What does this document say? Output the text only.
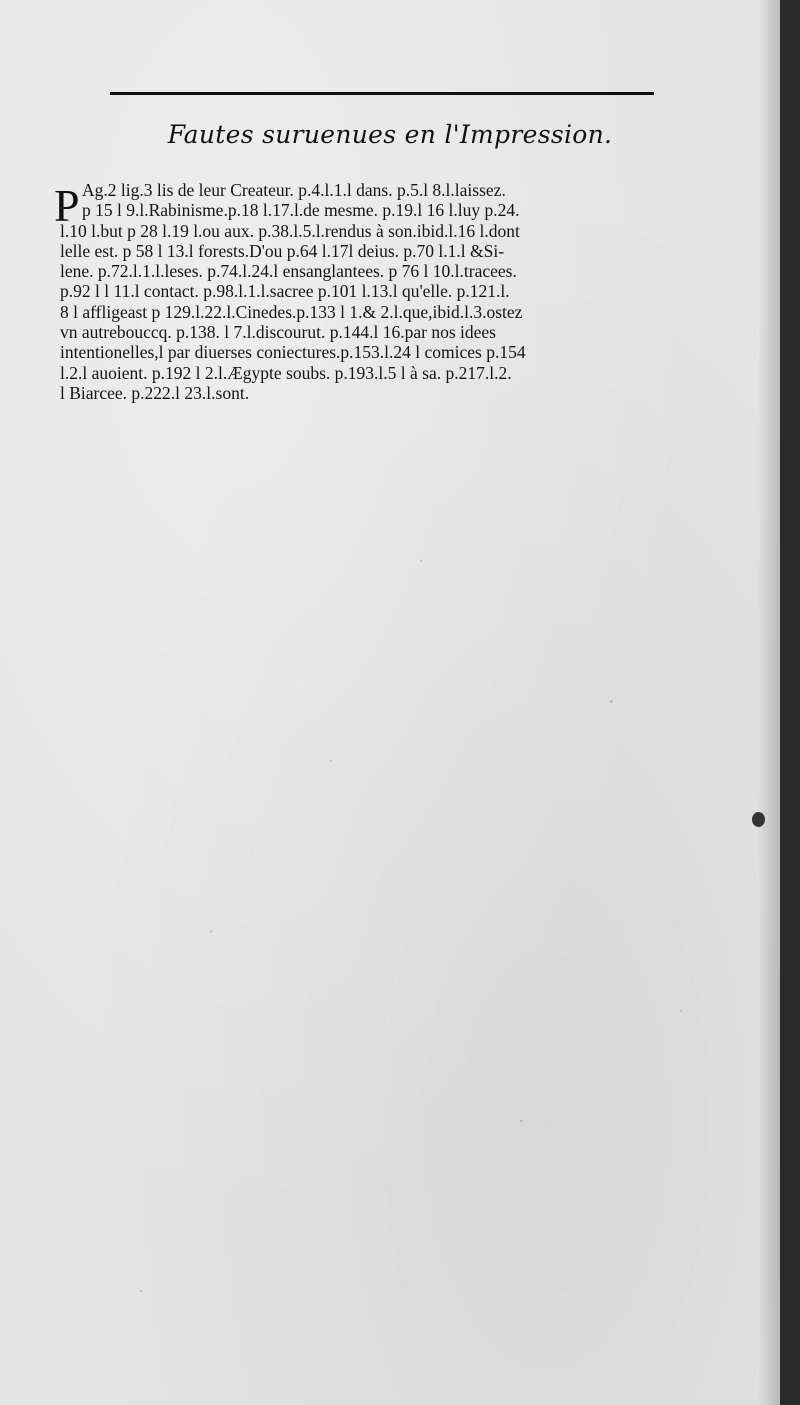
Fautes suruenues en l'Impression.
P Ag.2 lig.3 lis de leur Createur. p.4.l.1.l dans. p.5.l 8.l.laissez.
p 15 l 9.l.Rabinisme.p.18 l.17.l.de mesme. p.19.l 16 l.luy p.24.
l.10 l.but p 28 l.19 l.ou aux. p.38.l.5.l.rendus à son.ibid.l.16 l.dont
lelle est. p 58 l 13.l forests.D'ou p.64 l.17l deius. p.70 l.1.l &Si-
lene. p.72.l.1.l.leses. p.74.l.24.l ensanglantees. p 76 l 10.l.tracees.
p.92 l l 11.l contact. p.98.l.1.l.sacree p.101 l.13.l qu'elle. p.121.l.
8 l affligeast p 129.l.22.l.Cinedes.p.133 l 1.& 2.l.que,ibid.l.3.ostez
vn autrebouccq. p.138. l 7.l.discourut. p.144.l 16.par nos idees
intentionelles,l par diuerses coniectures.p.153.l.24 l comices p.154
l.2.l auoient. p.192 l 2.l.Ægypte soubs. p.193.l.5 l à sa. p.217.l.2.
l Biarcee. p.222.l 23.l.sont.
